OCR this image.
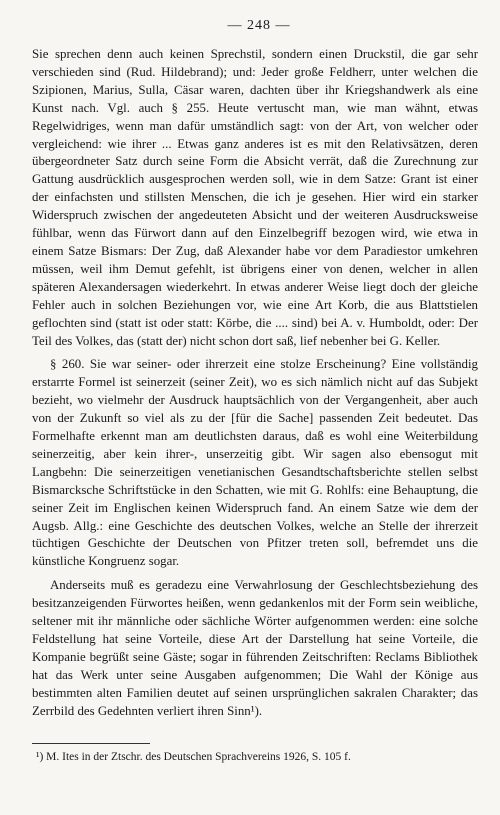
— 248 —

Sie sprechen denn auch keinen Sprechstil, sondern einen Druckstil, die gar sehr verschieden sind (Rud. Hildebrand); und: Jeder große Feldherr, unter welchen die Szipionen, Marius, Sulla, Cäsar waren, dachten über ihr Kriegshandwerk als eine Kunst nach. Vgl. auch § 255. Heute vertuscht man, wie man wähnt, etwas Regelwidriges, wenn man dafür umständlich sagt: von der Art, von welcher oder vergleichend: wie ihrer ... Etwas ganz anderes ist es mit den Relativsätzen, deren übergeordneter Satz durch seine Form die Absicht verrät, daß die Zurechnung zur Gattung ausdrücklich ausgesprochen werden soll, wie in dem Satze: Grant ist einer der einfachsten und stillsten Menschen, die ich je gesehen. Hier wird ein starker Widerspruch zwischen der angedeuteten Absicht und der weiteren Ausdrucksweise fühlbar, wenn das Fürwort dann auf den Einzelbegriff bezogen wird, wie etwa in einem Satze Bismars: Der Zug, daß Alexander habe vor dem Paradiestor umkehren müssen, weil ihm Demut gefehlt, ist übrigens einer von denen, welcher in allen späteren Alexandersagen wiederkehrt. In etwas anderer Weise liegt doch der gleiche Fehler auch in solchen Beziehungen vor, wie eine Art Korb, die aus Blattstielen geflochten sind (statt ist oder statt: Körbe, die .... sind) bei A. v. Humboldt, oder: Der Teil des Volkes, das (statt der) nicht schon dort saß, lief nebenher bei G. Keller.

§ 260. Sie war seiner- oder ihrerzeit eine stolze Erscheinung? Eine vollständig erstarrte Formel ist seinerzeit (seiner Zeit), wo es sich nämlich nicht auf das Subjekt bezieht, wo vielmehr der Ausdruck hauptsächlich von der Vergangenheit, aber auch von der Zukunft so viel als zu der [für die Sache] passenden Zeit bedeutet. Das Formelhafte erkennt man am deutlichsten daraus, daß es wohl eine Weiterbildung seinerzeitig, aber kein ihrer-, unserzeitig gibt. Wir sagen also ebensogut mit Langbehn: Die seinerzeitigen venetianischen Gesandtschaftsberichte stellen selbst Bismarcksche Schriftstücke in den Schatten, wie mit G. Rohlfs: eine Behauptung, die seiner Zeit im Englischen keinen Widerspruch fand. An einem Satze wie dem der Augsb. Allg.: eine Geschichte des deutschen Volkes, welche an Stelle der ihrerzeit tüchtigen Geschichte der Deutschen von Pfitzer treten soll, befremdet uns die künstliche Kongruenz sogar.

Anderseits muß es geradezu eine Verwahrlosung der Geschlechtsbeziehung des besitzanzeigenden Fürwortes heißen, wenn gedankenlos mit der Form sein weibliche, seltener mit ihr männliche oder sächliche Wörter aufgenommen werden: eine solche Feldstellung hat seine Vorteile, diese Art der Darstellung hat seine Vorteile, die Kompanie begrüßt seine Gäste; sogar in führenden Zeitschriften: Reclams Bibliothek hat das Werk unter seine Ausgaben aufgenommen; Die Wahl der Könige aus bestimmten alten Familien deutet auf seinen ursprünglichen sakralen Charakter; das Zerrbild des Gedehnten verliert ihren Sinn¹).

¹) M. Ites in der Ztschr. des Deutschen Sprachvereins 1926, S. 105 f.
